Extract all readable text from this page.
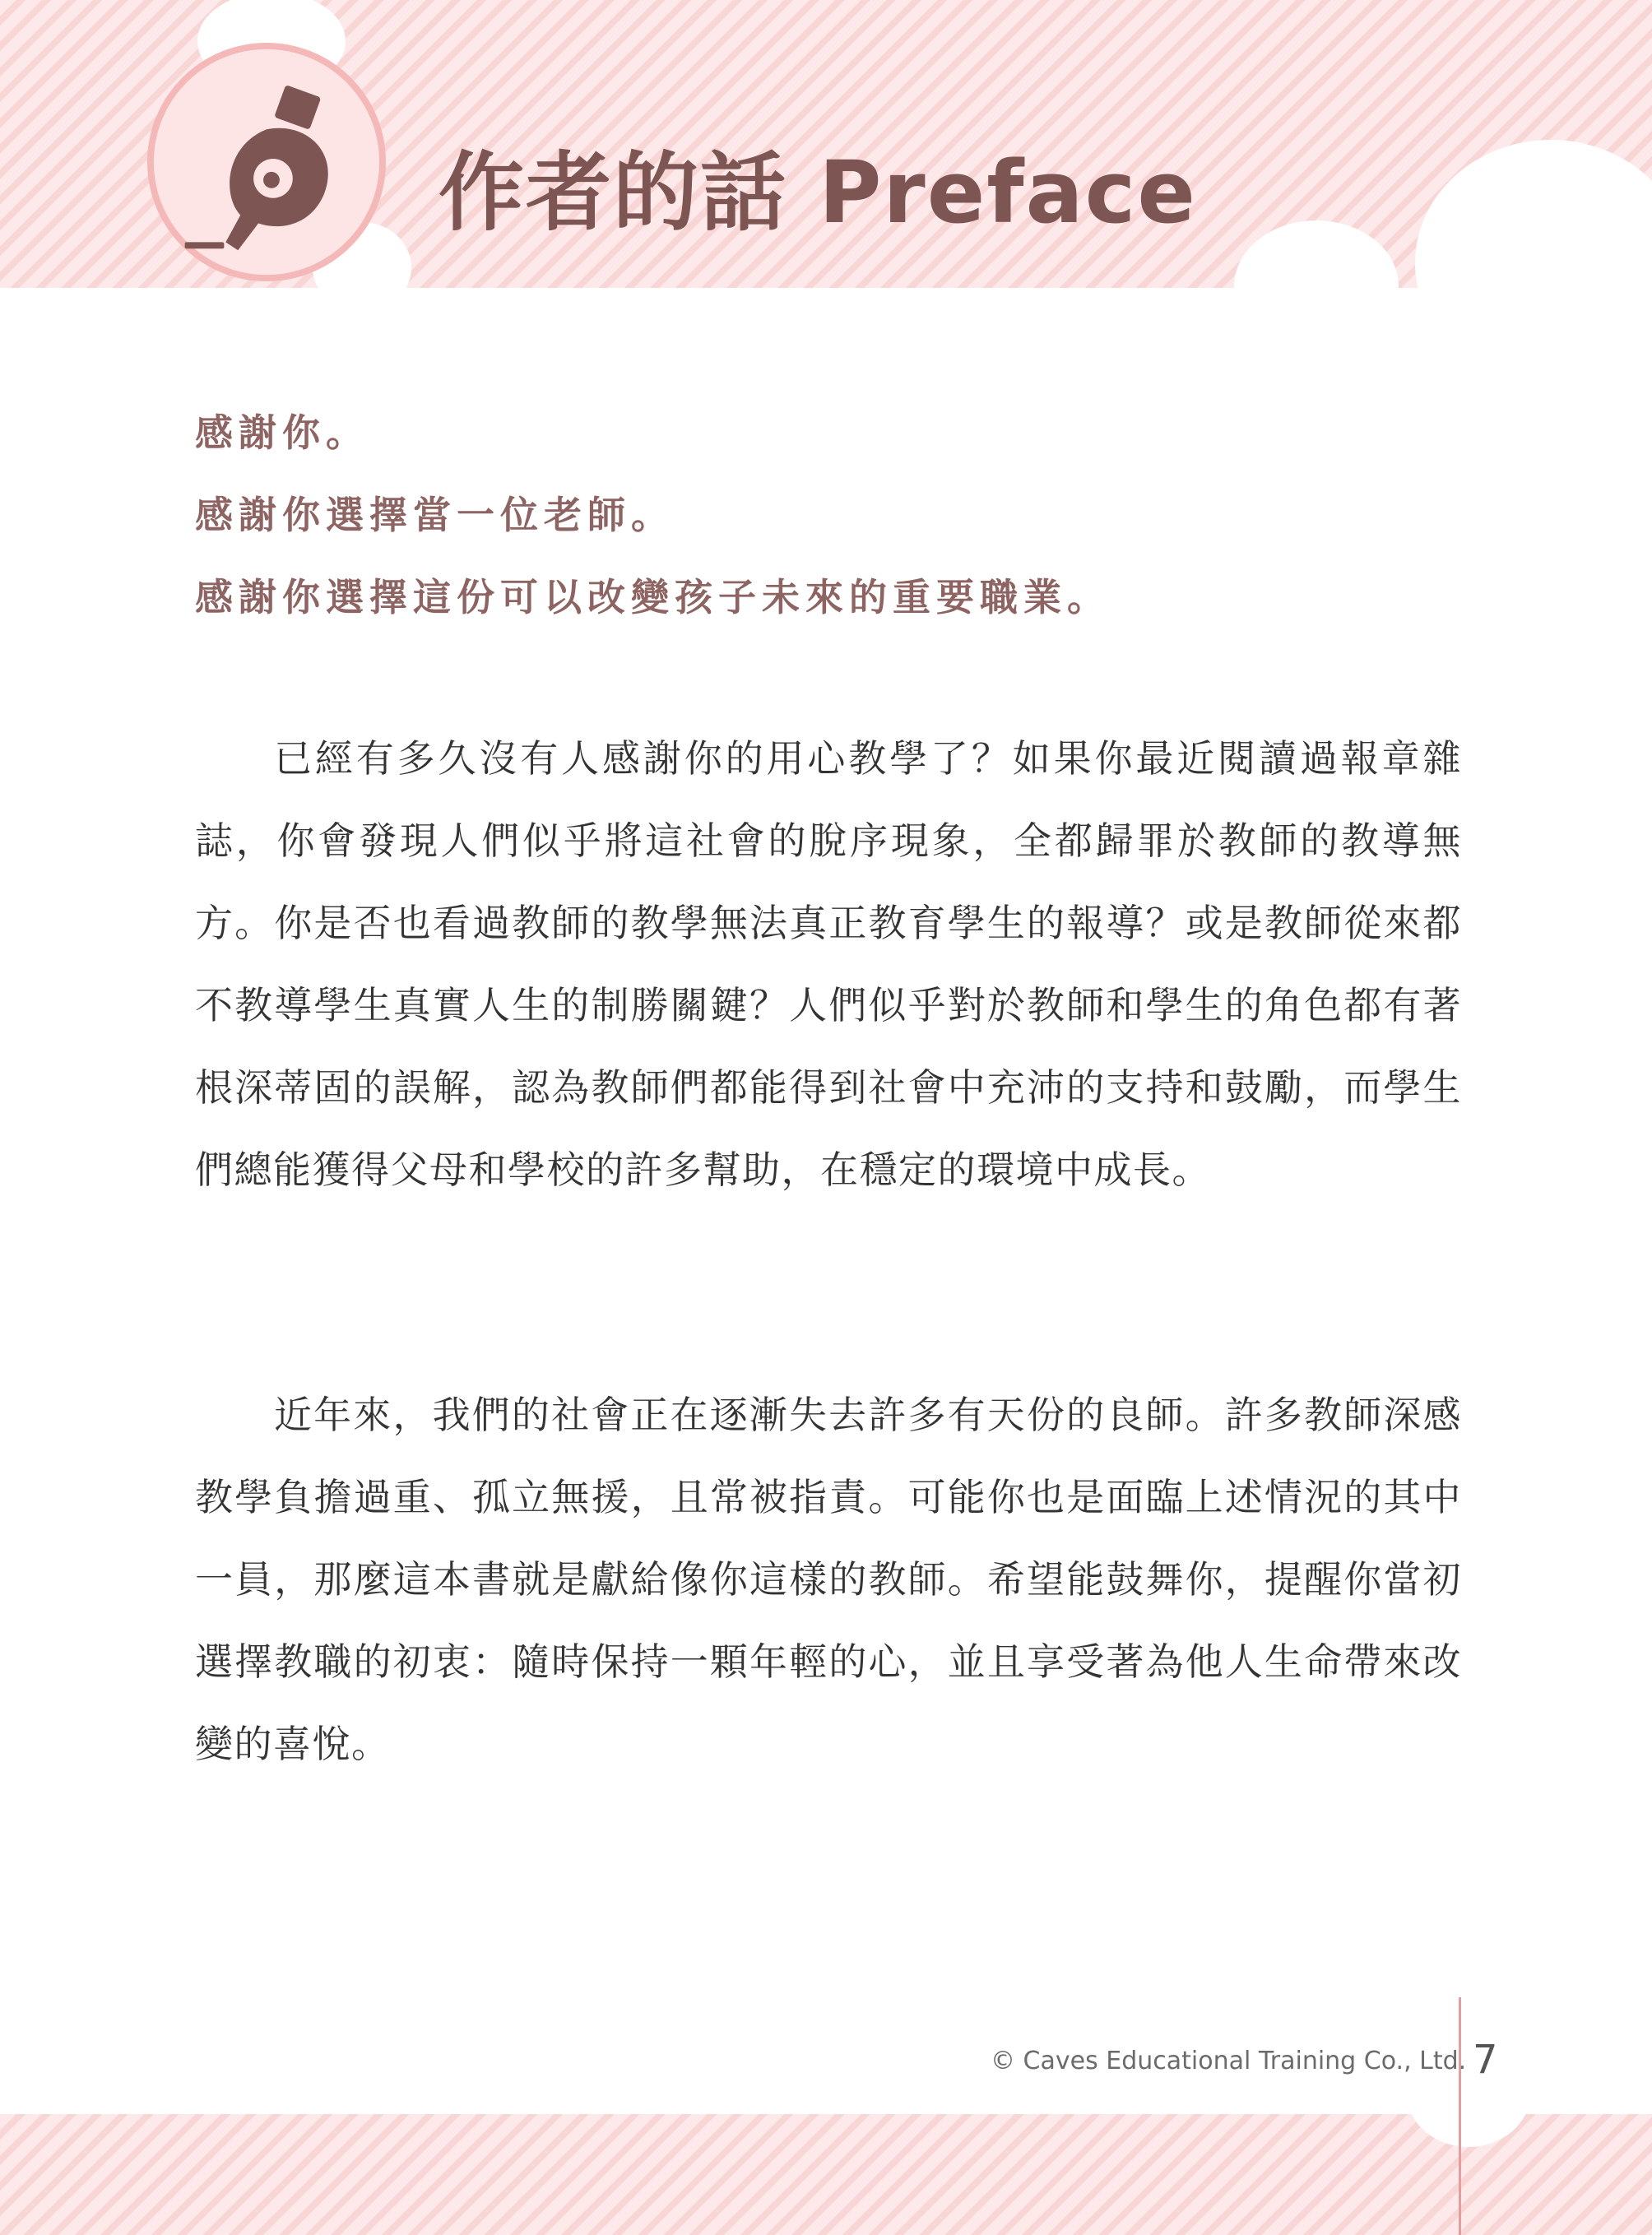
作者的話 Preface
感謝你。
感謝你選擇當一位老師。
感謝你選擇這份可以改變孩子未來的重要職業。
已經有多久沒有人感謝你的用心教學了？如果你最近閱讀過報章雜誌，你會發現人們似乎將這社會的脫序現象，全都歸罪於教師的教導無方。你是否也看過教師的教學無法真正教育學生的報導？或是教師從來都不教導學生真實人生的制勝關鍵？人們似乎對於教師和學生的角色都有著根深蒂固的誤解，認為教師們都能得到社會中充沛的支持和鼓勵，而學生們總能獲得父母和學校的許多幫助，在穩定的環境中成長。
近年來，我們的社會正在逐漸失去許多有天份的良師。許多教師深感教學負擔過重、孤立無援，且常被指責。可能你也是面臨上述情況的其中一員，那麼這本書就是獻給像你這樣的教師。希望能鼓舞你，提醒你當初選擇教職的初衷：隨時保持一顆年輕的心，並且享受著為他人生命帶來改變的喜悅。
© Caves Educational Training Co., Ltd. 7
